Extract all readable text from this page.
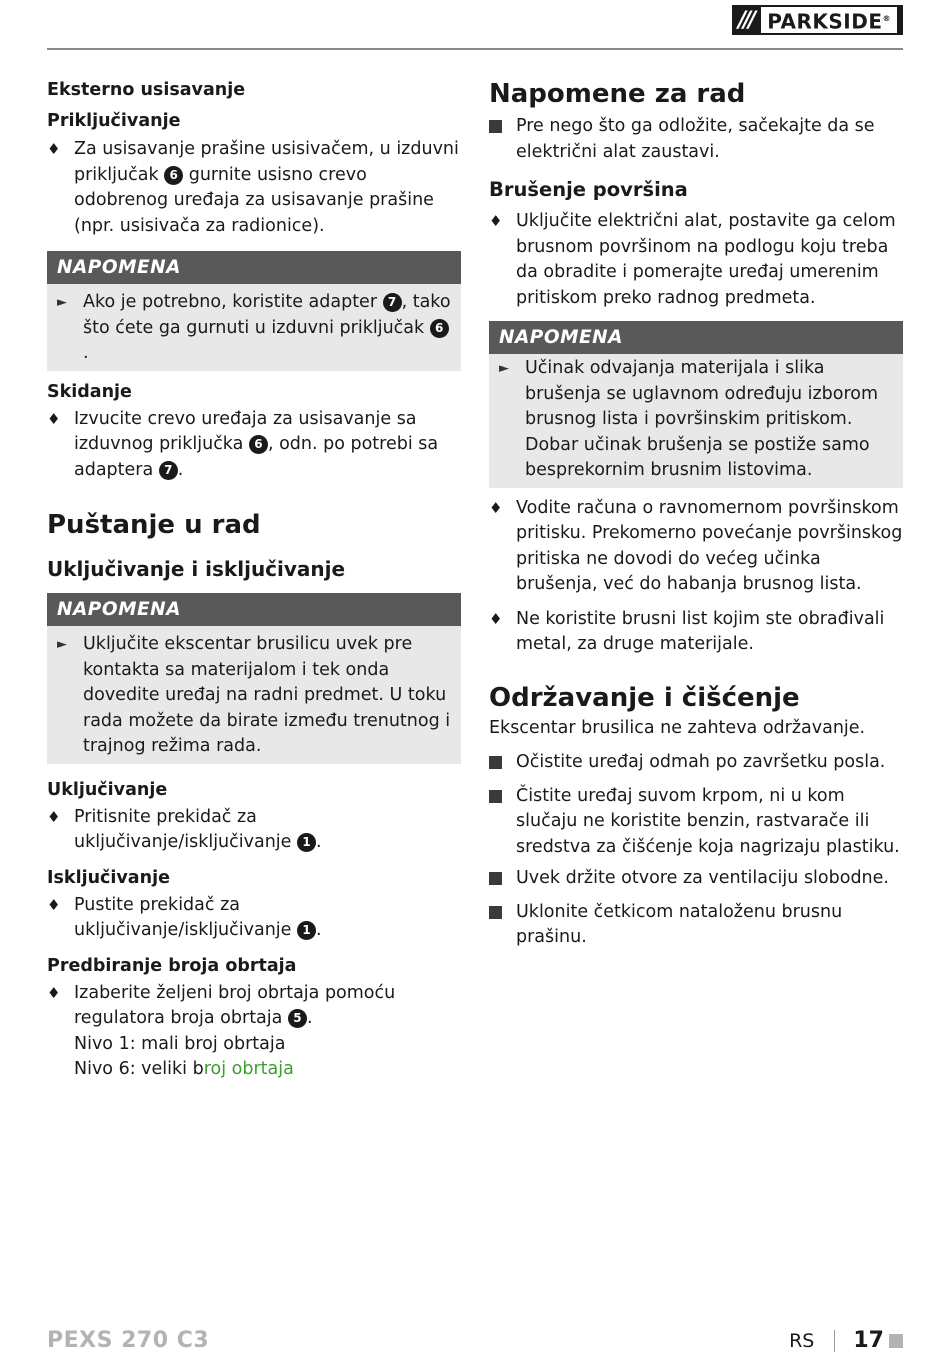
/// PARKSIDE®
Eksterno usisavanje
Priključivanje
♦ Za usisavanje prašine usisivačem, u izduvni priključak 6 gurnite usisno crevo odobrenog uređaja za usisavanje prašine (npr. usisivača za radionice).
NAPOMENA
► Ako je potrebno, koristite adapter 7 , tako što ćete ga gurnuti u izduvni priključak 6.
Skidanje
♦ Izvucite crevo uređaja za usisavanje sa izduvnog priključka 6 , odn. po potrebi sa adaptera 7 .
Puštanje u rad
Uključivanje i isključivanje
NAPOMENA
► Uključite ekscentar brusilicu uvek pre kontakta sa materijalom i tek onda dovedite uređaj na radni predmet. U toku rada možete da birate između trenutnog i trajnog režima rada.
Uključivanje
♦ Pritisnite prekidač za uključivanje/isključivanje 1 .
Isključivanje
♦ Pustite prekidač za uključivanje/isključivanje 1 .
Predbiranje broja obrtaja
♦ Izaberite željeni broj obrtaja pomoću regulatora broja obrtaja 5 .
Nivo 1: mali broj obrtaja
Nivo 6: veliki broj obrtaja
Napomene za rad
Pre nego što ga odložite, sačekajte da se električni alat zaustavi.
Brušenje površina
♦ Uključite električni alat, postavite ga celom brusnom površinom na podlogu koju treba da obradite i pomerajte uređaj umerenim pritiskom preko radnog predmeta.
NAPOMENA
► Učinak odvajanja materijala i slika brušenja se uglavnom određuju izborom brusnog lista i površinskim pritiskom. Dobar učinak brušenja se postiže samo besprekornim brusnim listovima.
♦ Vodite računa o ravnomernom površinskom pritisku. Prekomerno povećanje površinskog pritiska ne dovodi do većeg učinka brušenja, već do habanja brusnog lista.
♦ Ne koristite brusni list kojim ste obrađivali metal, za druge materijale.
Održavanje i čišćenje
Ekscentar brusilica ne zahteva održavanje.
Očistite uređaj odmah po završetku posla.
Čistite uređaj suvom krpom, ni u kom slučaju ne koristite benzin, rastvarače ili sredstva za čišćenje koja nagrizaju plastiku.
Uvek držite otvore za ventilaciju slobodne.
Uklonite četkicom nataloženu brusnu prašinu.
PEXS 270 C3	RS 17
